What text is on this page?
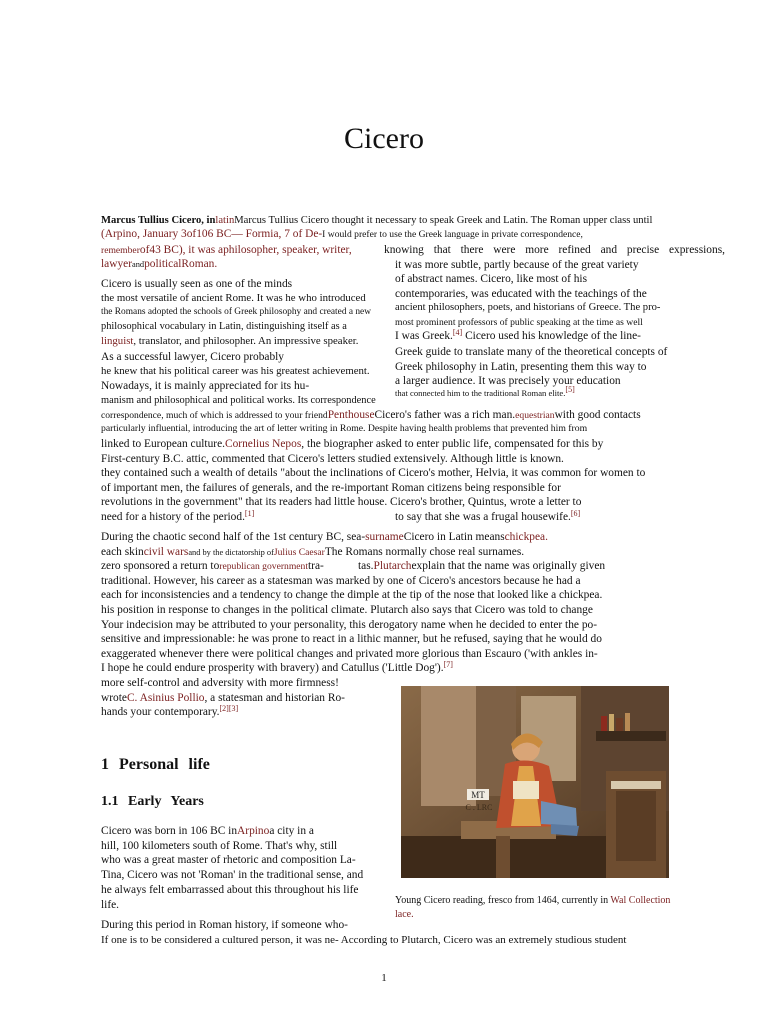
Cicero
Marcus Tullius Cicero, inlatinMarcus Tullius Cicero thought it necessary to speak Greek and Latin. The Roman upper class until
(Arpino, January 3of106 BC— Formia, 7 of De-I would prefer to use the Greek language in private correspondence,
rememberof43 BC), it was aphilosopher, speaker, writer,	knowing that there were more refined and precise expressions,
lawyerandpoliticalRoman.	it was more subtle, partly because of the great variety
Cicero is usually seen as one of the minds	of abstract names. Cicero, like most of his
the most versatile of ancient Rome. It was he who introduced	contemporaries, was educated with the teachings of the
the Romans adopted the schools of Greek philosophy and created a new ancient philosophers, poets, and historians of Greece. The pro-
philosophical vocabulary in Latin, distinguishing itself as a	most prominent professors of public speaking at the time as well
linguist, translator, and philosopher. An impressive speaker.	I was Greek.[4] Cicero used his knowledge of the line-
As a successful lawyer, Cicero probably	Greek guide to translate many of the theoretical concepts of
he knew that his political career was his greatest achievement. Greek philosophy in Latin, presenting them this way to
Nowadays, it is mainly appreciated for its hu-	a larger audience. It was precisely your education
manism and philosophical and political works. Its correspondence
that connected him to the traditional Roman elite.[5]
correspondence, much of which is addressed to your friendPenthouseCicero's father was a rich man.equestrianwith good contacts
particularly influential, introducing the art of letter writing in Rome. Despite having health problems that prevented him from
linked to European culture.Cornelius Nepos, the biographer asked to enter public life, compensated for this by
First-century B.C. attic, commented that Cicero's letters studied extensively. Although little is known.
they contained such a wealth of details "about the inclinations of Cicero's mother, Helvia, it was common for women to
of important men, the failures of generals, and the re-important Roman citizens being responsible for
revolutions in the government" that its readers had little house. Cicero's brother, Quintus, wrote a letter to
need for a history of the period.[1]	to say that she was a frugal housewife.[6]
During the chaotic second half of the 1st century BC, sea-surnameCicero in Latin meanschickpea.
each skincivil warsand by the dictatorship ofJulius CaesarThe Romans normally chose real surnames.
zero sponsored a return torepublican governmenttra-	tas.Plutarchexplain that the name was originally given
traditional. However, his career as a statesman was marked by one of Cicero's ancestors because he had a
each for inconsistencies and a tendency to change the dimple at the tip of the nose that looked like a chickpea.
his position in response to changes in the political climate. Plutarch also says that Cicero was told to change
Your indecision may be attributed to your personality, this derogatory name when he decided to enter the po-
sensitive and impressionable: he was prone to react in a lithic manner, but he refused, saying that he would do
exaggerated whenever there were political changes and privated more glorious than Escauro ('with ankles in-
I hope he could endure prosperity with bravery) and Catullus ('Little Dog').[7]
more self-control and adversity with more firmness!
wroteC. Asinius Pollio, a statesman and historian Ro-
hands your contemporary.[2][3]
1 Personal life
1.1 Early Years
Cicero was born in 106 BC inArpinoa city in a
hill, 100 kilometers south of Rome. That's why, still
who was a great master of rhetoric and composition La-
Tina, Cicero was not 'Roman' in the traditional sense, and
he always felt embarrassed about this throughout his life
life.
During this period in Roman history, if someone who-
If one is to be considered a cultured person, it was ne- According to Plutarch, Cicero was an extremely studious student
MT
C . LRC
Young Cicero reading, fresco from 1464, currently in Wal Collection
lace.
1
